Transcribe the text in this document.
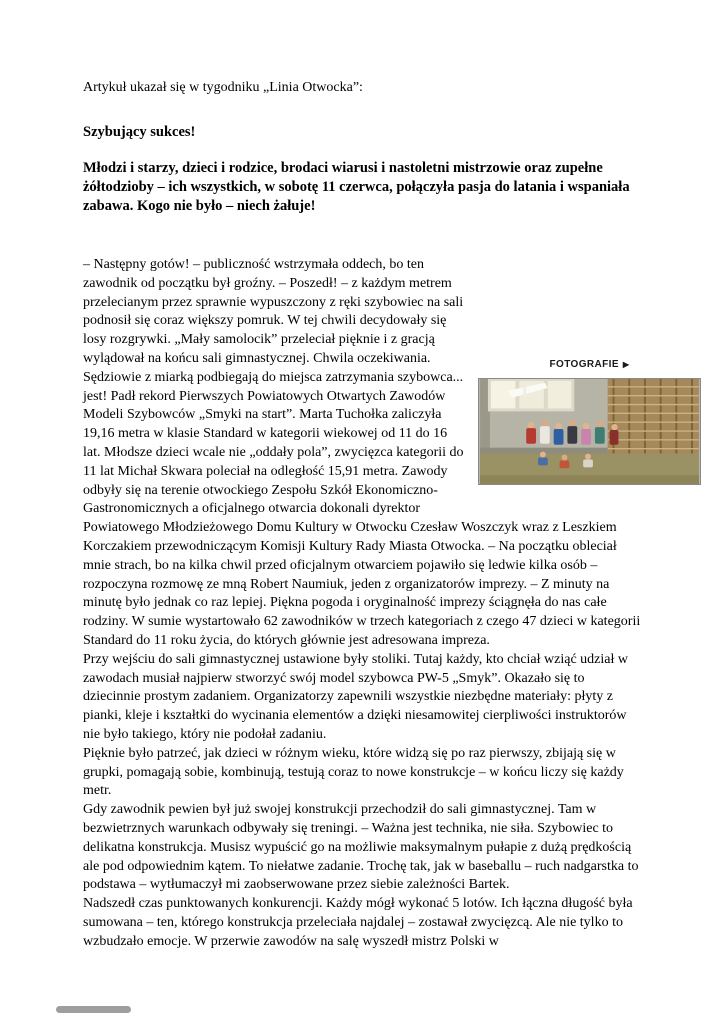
Artykuł ukazał się w tygodniku „Linia Otwocka”:

Szybujący sukces!

Młodzi i starzy, dzieci i rodzice, brodaci wiarusi i nastoletni mistrzowie oraz zupełne żółtodzioby – ich wszystkich, w sobotę 11 czerwca, połączyła pasja do latania i wspaniała zabawa. Kogo nie było – niech żałuje!

FOTOGRAFIE ▶
– Następny gotów! – publiczność wstrzymała oddech, bo ten zawodnik od początku był groźny. – Poszedł! – z każdym metrem przelecianym przez sprawnie wypuszczony z ręki szybowiec na sali podnosił się coraz większy pomruk. W tej chwili decydowały się losy rozgrywki. „Mały samolocik” przeleciał pięknie i z gracją wylądował na końcu sali gimnastycznej. Chwila oczekiwania. Sędziowie z miarką podbiegają do miejsca zatrzymania szybowca... jest! Padł rekord Pierwszych Powiatowych Otwartych Zawodów Modeli Szybowców „Smyki na start”. Marta Tuchołka zaliczyła 19,16 metra w klasie Standard w kategorii wiekowej od 11 do 16 lat. Młodsze dzieci wcale nie „oddały pola”, zwycięzca kategorii do 11 lat Michał Skwara poleciał na odległość 15,91 metra. Zawody odbyły się na terenie otwockiego Zespołu Szkół Ekonomiczno-Gastronomicznych a oficjalnego otwarcia dokonali dyrektor Powiatowego Młodzieżowego Domu Kultury w Otwocku Czesław Woszczyk wraz z Leszkiem Korczakiem przewodniczącym Komisji Kultury Rady Miasta Otwocka. – Na początku obleciał mnie strach, bo na kilka chwil przed oficjalnym otwarciem pojawiło się ledwie kilka osób – rozpoczyna rozmowę ze mną Robert Naumiuk, jeden z organizatorów imprezy. – Z minuty na minutę było jednak co raz lepiej. Piękna pogoda i oryginalność imprezy ściągnęła do nas całe rodziny. W sumie wystartowało 62 zawodników w trzech kategoriach z czego 47 dzieci w kategorii Standard do 11 roku życia, do których głównie jest adresowana impreza.

Przy wejściu do sali gimnastycznej ustawione były stoliki. Tutaj każdy, kto chciał wziąć udział w zawodach musiał najpierw stworzyć swój model szybowca PW-5 „Smyk”. Okazało się to dziecinnie prostym zadaniem. Organizatorzy zapewnili wszystkie niezbędne materiały: płyty z pianki, kleje i kształtki do wycinania elementów a dzięki niesamowitej cierpliwości instruktorów nie było takiego, który nie podołał zadaniu.

Pięknie było patrzeć, jak dzieci w różnym wieku, które widzą się po raz pierwszy, zbijają się w grupki, pomagają sobie, kombinują, testują coraz to nowe konstrukcje – w końcu liczy się każdy metr.

Gdy zawodnik pewien był już swojej konstrukcji przechodził do sali gimnastycznej. Tam w bezwietrznych warunkach odbywały się treningi. – Ważna jest technika, nie siła. Szybowiec to delikatna konstrukcja. Musisz wypuścić go na możliwie maksymalnym pułapie z dużą prędkością ale pod odpowiednim kątem. To niełatwe zadanie. Trochę tak, jak w baseballu – ruch nadgarstka to podstawa – wytłumaczył mi zaobserwowane przez siebie zależności Bartek.

Nadszedł czas punktowanych konkurencji. Każdy mógł wykonać 5 lotów. Ich łączna długość była sumowana – ten, którego konstrukcja przeleciała najdalej – zostawał zwycięzcą. Ale nie tylko to wzbudzało emocje. W przerwie zawodów na salę wyszedł mistrz Polski w
